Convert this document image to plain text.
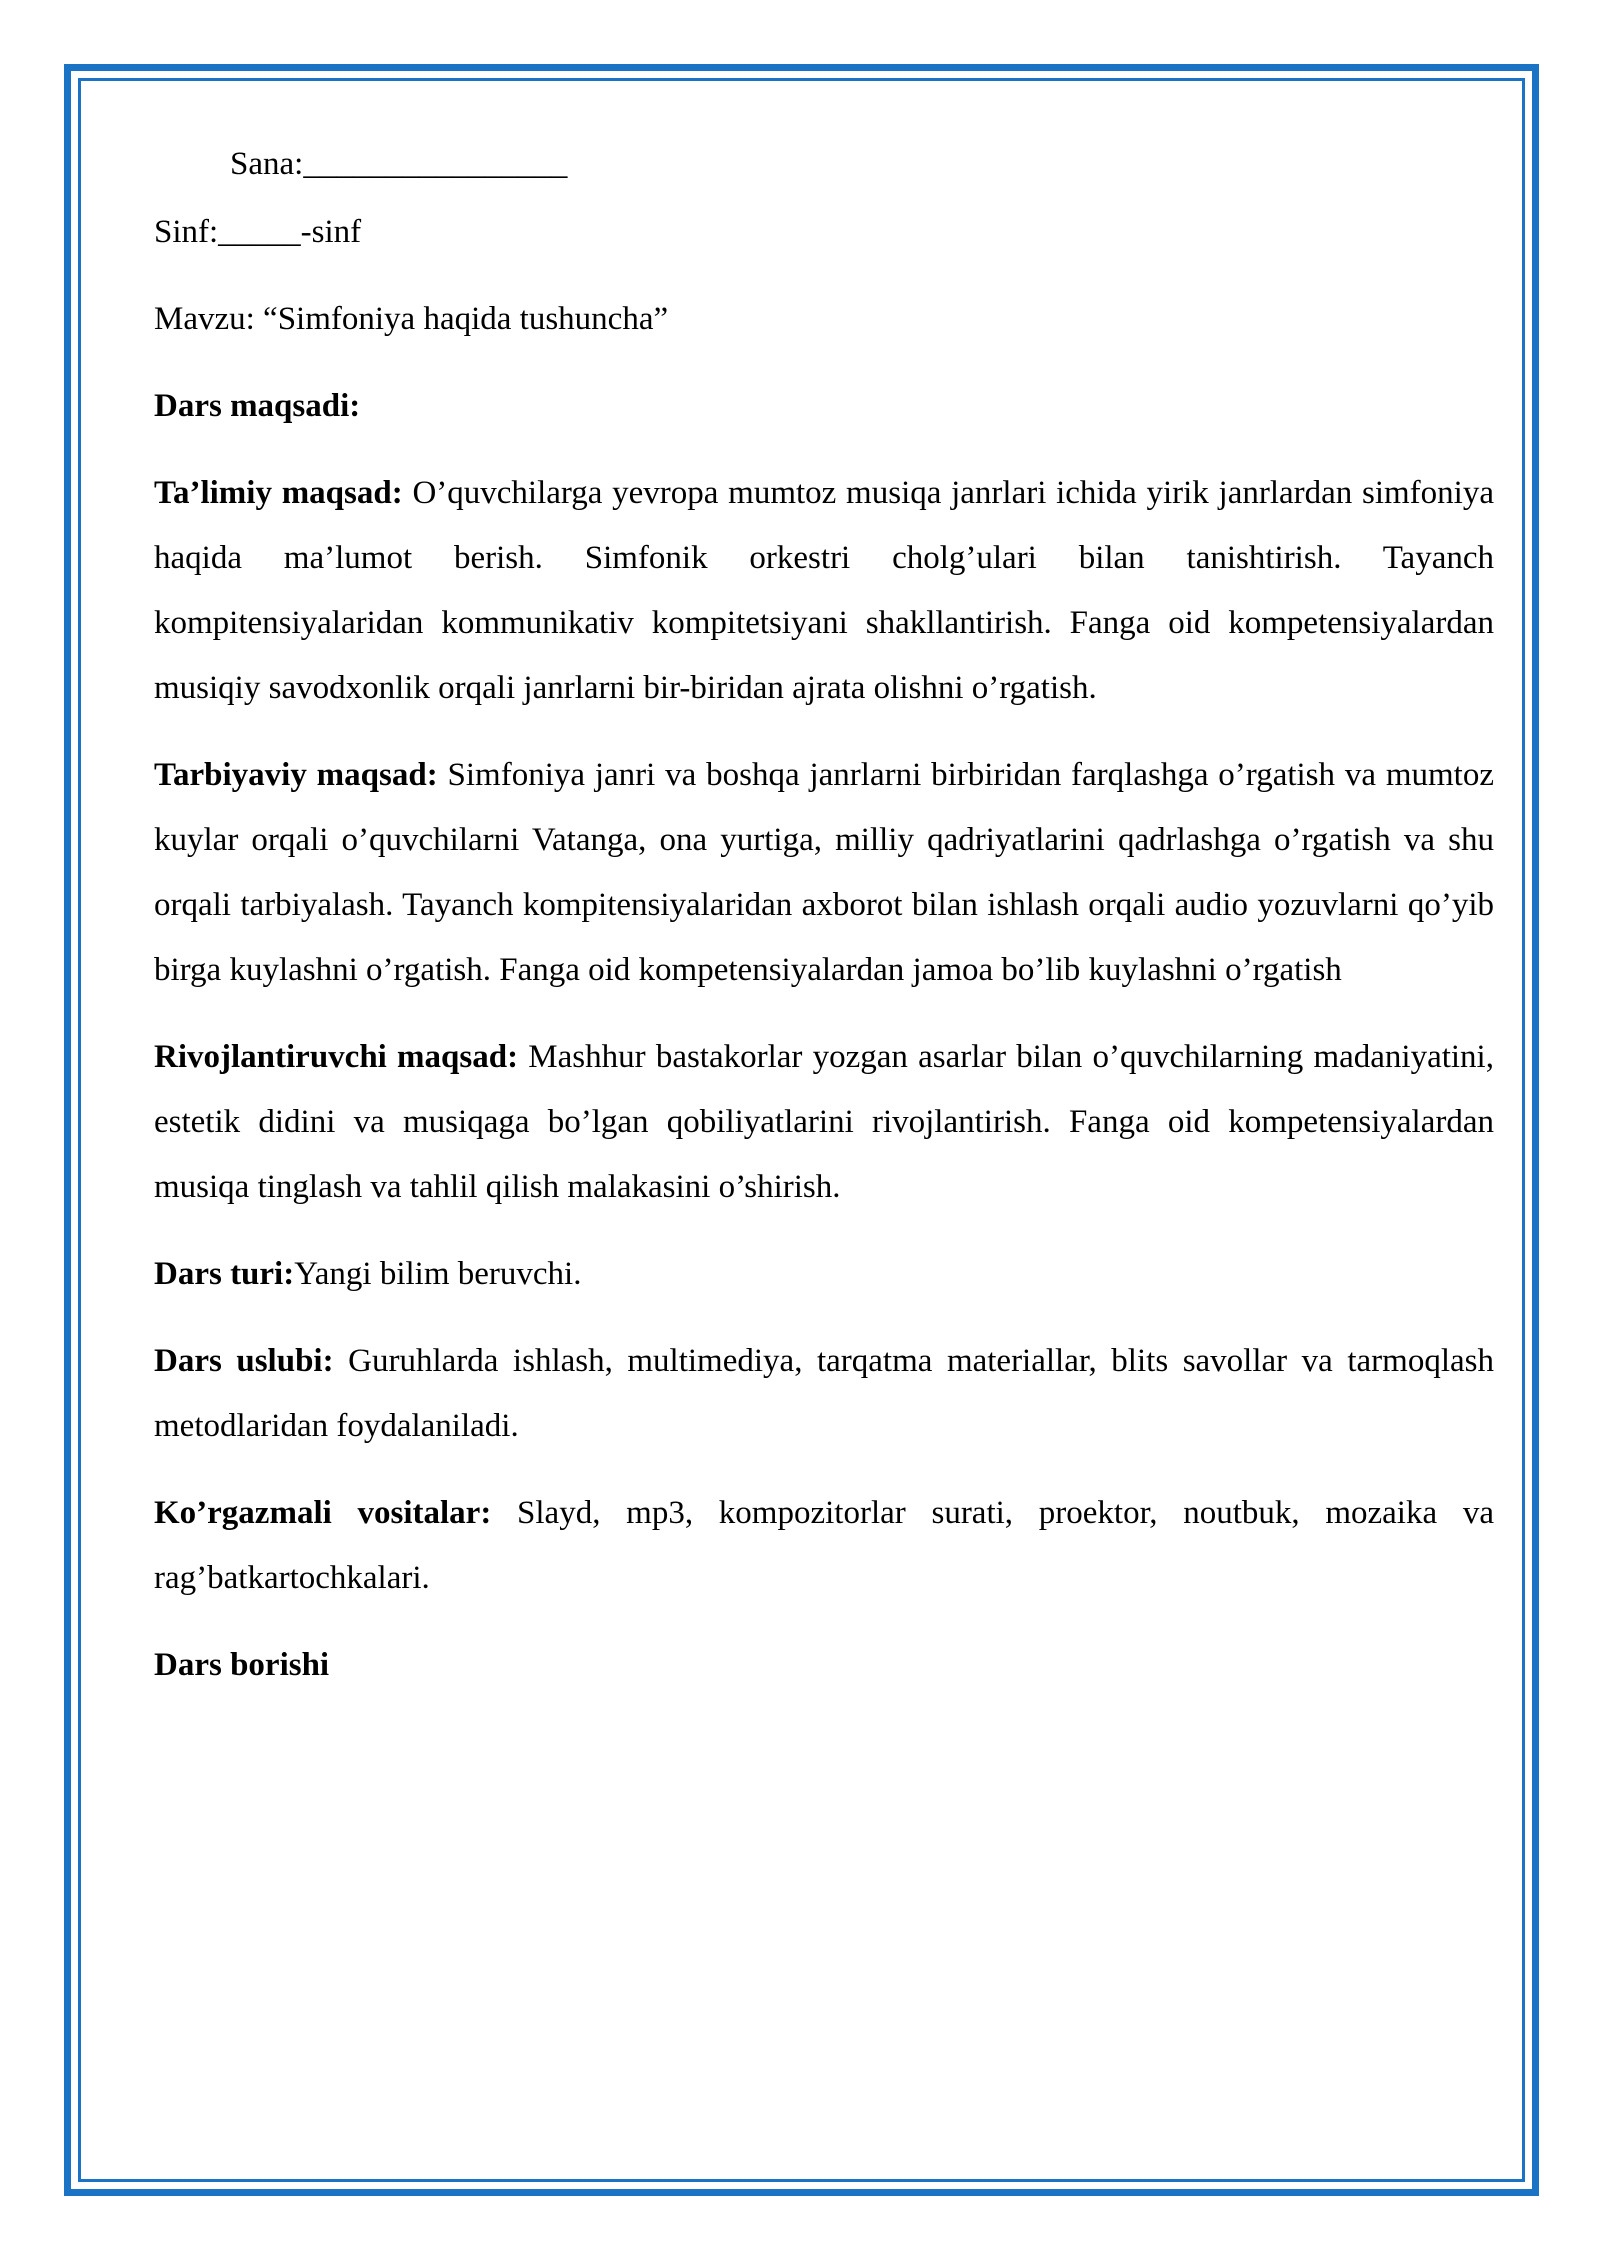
Sana:________________

Sinf:_____-sinf

Mavzu: “Simfoniya haqida tushuncha”

Dars maqsadi:

Ta’limiy maqsad: O’quvchilarga yevropa mumtoz musiqa janrlari ichida yirik janrlardan simfoniya haqida ma’lumot berish. Simfonik orkestri cholg’ulari bilan tanishtirish. Tayanch kompitensiyalaridan kommunikativ kompitetsiyani shakllantirish. Fanga oid kompetensiyalardan musiqiy savodxonlik orqali janrlarni bir-biridan ajrata olishni o’rgatish.

Tarbiyaviy maqsad: Simfoniya janri va boshqa janrlarni birbiridan farqlashga o’rgatish va mumtoz kuylar orqali o’quvchilarni Vatanga, ona yurtiga, milliy qadriyatlarini qadrlashga o’rgatish va shu orqali tarbiyalash. Tayanch kompitensiyalaridan axborot bilan ishlash orqali audio yozuvlarni qo’yib birga kuylashni o’rgatish. Fanga oid kompetensiyalardan jamoa bo’lib kuylashni o’rgatish

Rivojlantiruvchi maqsad: Mashhur bastakorlar yozgan asarlar bilan o’quvchilarning madaniyatini, estetik didini va musiqaga bo’lgan qobiliyatlarini rivojlantirish. Fanga oid kompetensiyalardan musiqa tinglash va tahlil qilish malakasini o’shirish.

Dars turi:Yangi bilim beruvchi.

Dars uslubi: Guruhlarda ishlash, multimediya, tarqatma materiallar, blits savollar va tarmoqlash metodlaridan foydalaniladi.

Ko’rgazmali vositalar: Slayd, mp3, kompozitorlar surati, proektor, noutbuk, mozaika va rag’batkartochkalari.

Dars borishi
